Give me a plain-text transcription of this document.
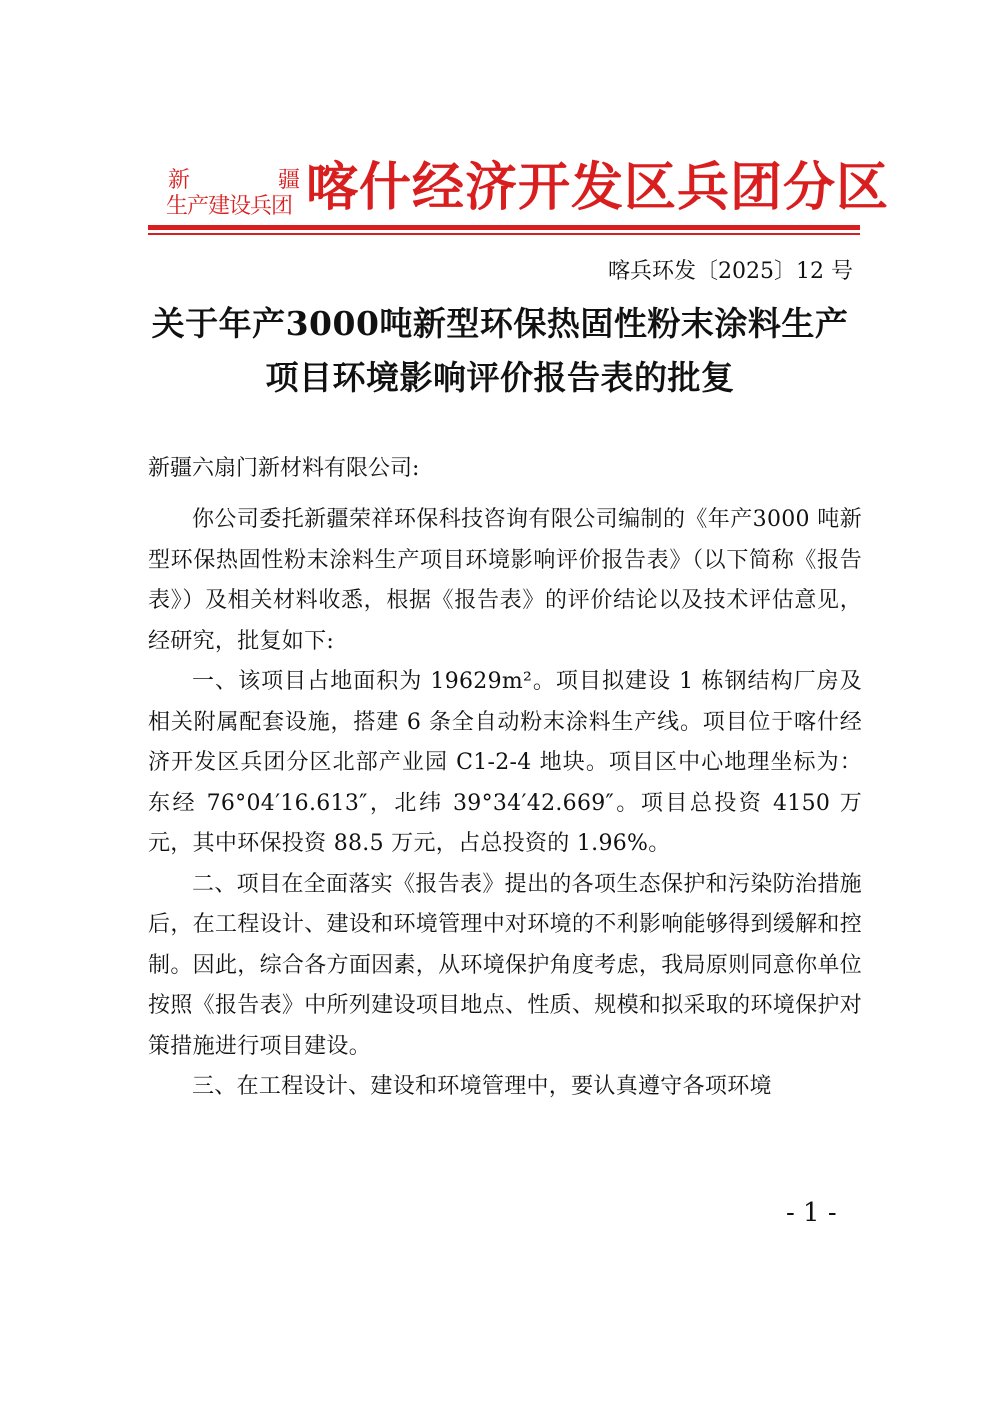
新	疆
生产建设兵团 喀什经济开发区兵团分区
喀兵环发〔2025〕12 号
关于年产3000吨新型环保热固性粉末涂料生产
项目环境影响评价报告表的批复
新疆六扇门新材料有限公司:

你公司委托新疆荣祥环保科技咨询有限公司编制的《年产3000 吨新型环保热固性粉末涂料生产项目环境影响评价报告表》（以下简称《报告表》）及相关材料收悉，根据《报告表》的评价结论以及技术评估意见，经研究，批复如下:

一、该项目占地面积为 19629m²。项目拟建设 1 栋钢结构厂房及相关附属配套设施，搭建 6 条全自动粉末涂料生产线。项目位于喀什经济开发区兵团分区北部产业园 C1-2-4 地块。项目区中心地理坐标为：东经 76°04′16.613″，北纬 39°34′42.669″。项目总投资 4150 万元，其中环保投资 88.5 万元，占总投资的 1.96%。

二、项目在全面落实《报告表》提出的各项生态保护和污染防治措施后，在工程设计、建设和环境管理中对环境的不利影响能够得到缓解和控制。因此，综合各方面因素，从环境保护角度考虑，我局原则同意你单位按照《报告表》中所列建设项目地点、性质、规模和拟采取的环境保护对策措施进行项目建设。

三、在工程设计、建设和环境管理中，要认真遵守各项环境

- 1 -
